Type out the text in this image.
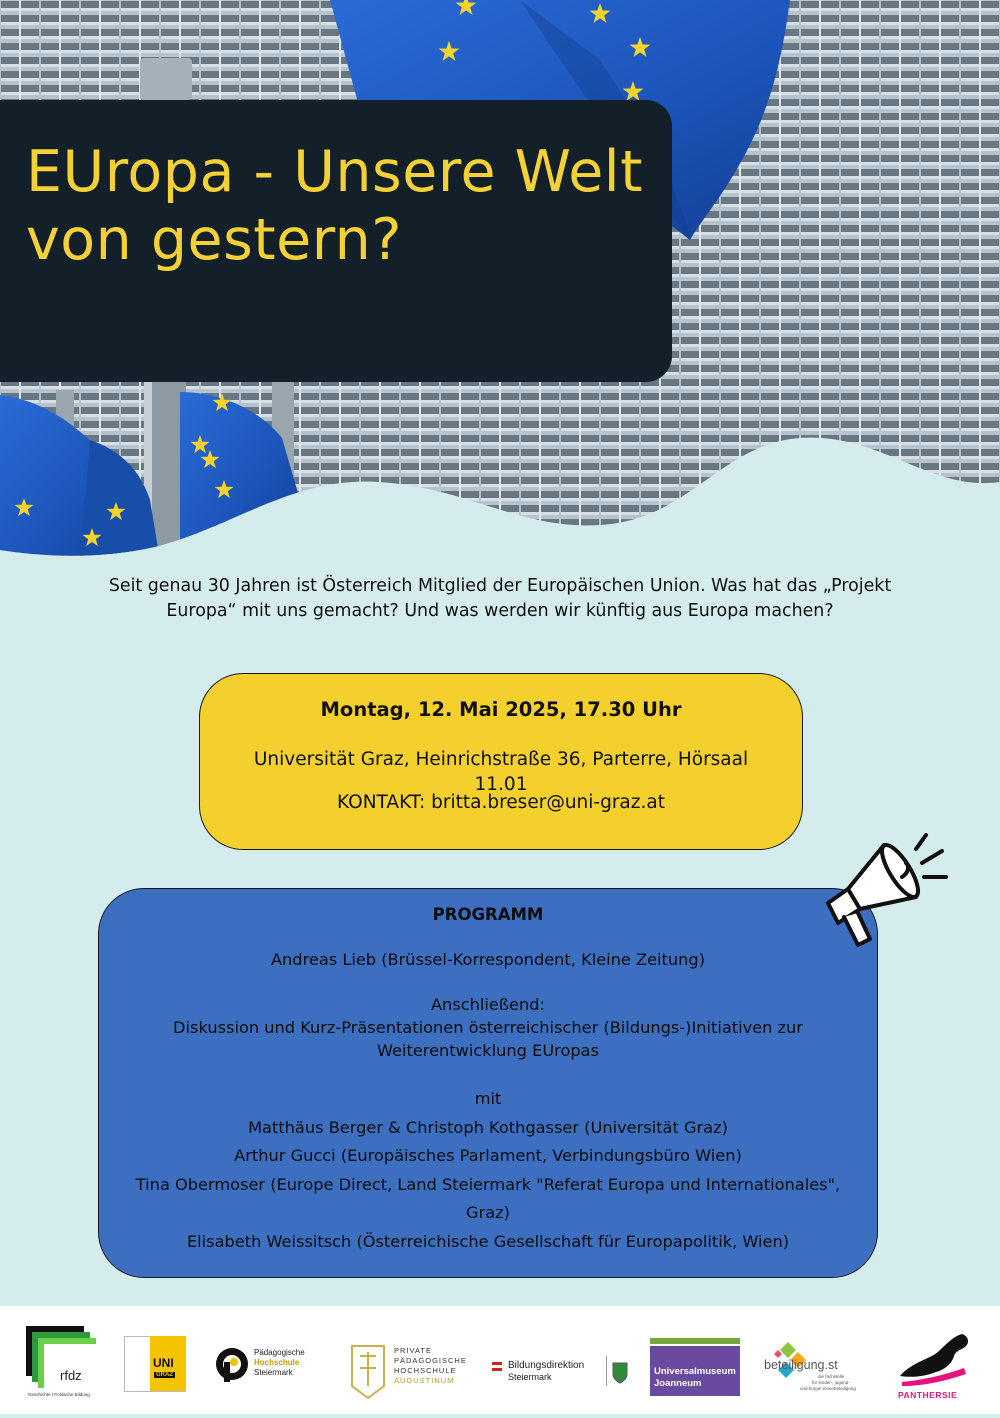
EUropa - Unsere Welt von gestern?

Seit genau 30 Jahren ist Österreich Mitglied der Europäischen Union. Was hat das „Projekt Europa“ mit uns gemacht? Und was werden wir künftig aus Europa machen?

Montag, 12. Mai 2025, 17.30 Uhr
Universität Graz, Heinrichstraße 36, Parterre, Hörsaal 11.01
KONTAKT: britta.breser@uni-graz.at
PROGRAMM
Andreas Lieb (Brüssel-Korrespondent, Kleine Zeitung)

Anschließend:

Diskussion und Kurz-Präsentationen österreichischer (Bildungs-)Initiativen zur Weiterentwicklung EUropas

mit

Matthäus Berger & Christoph Kothgasser (Universität Graz)

Arthur Gucci (Europäisches Parlament, Verbindungsbüro Wien)

Tina Obermoser (Europe Direct, Land Steiermark "Referat Europa und Internationales", Graz)

Elisabeth Weissitsch (Österreichische Gesellschaft für Europapolitik, Wien)

rfdz
Geschichte | Politische Bildung
UNI
GRAZ
Pädagogische
Hochschule
Steiermark
PRIVATE
PÄDAGOGISCHE
HOCHSCHULE
AUGUSTINUM
Bildungsdirektion
Steiermark	Universalmuseum
Joanneum
beteiligung.st
die fachstelle
für kinder-, jugend-
und bürger:innenbeteiligung
PANTHERSIE
